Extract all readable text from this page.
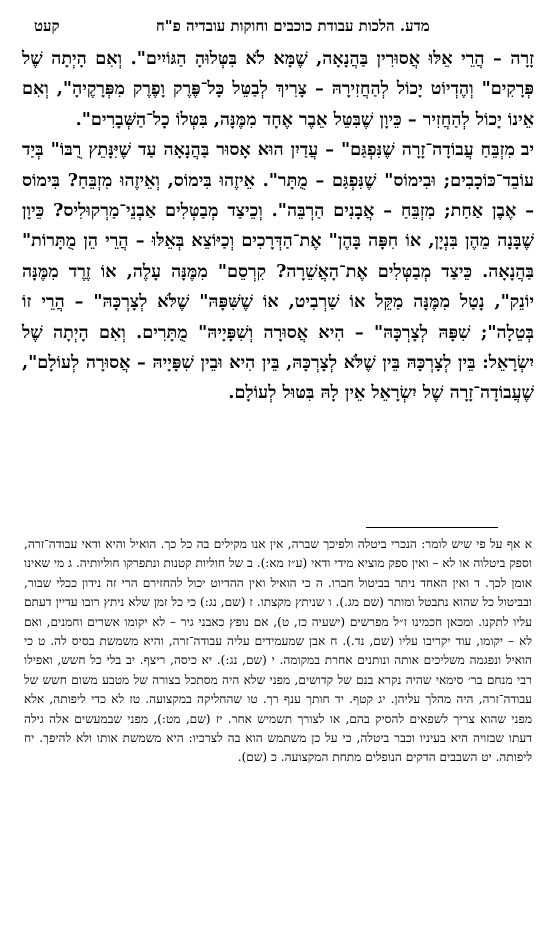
מדע. הלכות עבודת כוכבים וחוקות עובדיה פ"ח
קעט

זָרָה – הֲרֵי אֵלּוּ אֲסוּרִין בַּהֲנָאָה, שֶׁמָּא לֹא בִּטְּלוּהָ הַגּוֹיִים". וְאִם הָיְתָה שֶׁל פְּרָקִים" וְהֶדְיוֹט יָכוֹל לְהַחֲזִירָהּ – צָרִיךְ לְבַטֵּל כָּל־פֶּרֶק וָפֶרֶק מִפְּרָקֶיהָ", וְאִם אֵינוֹ יָכוֹל לְהַחֲזִיר – כֵּיוָן שֶׁבִּטֵּל אֵבֶר אֶחָד מִמֶּנָּה, בִּטְּלוֹ כָל־הַשְּׁבָרִים".

יבמִזְבֵּחַ עֲבוֹדָה־זָרָה שֶׁנִּפְגַּם" – עֲדַיִן הוּא אָסוּר בַּהֲנָאָה עַד שֶׁיִּנָּתֵץ רֻבּוֹ" בְּיַד עוֹבֵד־כּוֹכָבִים; וּבִימוֹס" שֶׁנִּפְגַּם – מֻתָּר". אֵיזֶהוּ בִּימוֹס, וְאֵיזֶהוּ מִזְבֵּחַ? בִּימוֹס – אֶבֶן אַחַת; מִזְבֵּחַ – אֲבָנִים הַרְבֵּה". וְכֵיצַד מְבַטְּלִים אַבְנֵי־מַרְקוּלִיס? כֵּיוָן שֶׁבָּנָה מֵהֶן בִּנְיָן, אוֹ חִפָּה בָּהֶן" אֶת־הַדְּרָכִים וְכַיּוֹצֵא בְּאֵלּוּ – הֲרֵי הֵן מֻתָּרוֹת" בַּהֲנָאָה. כֵּיצַד מְבַטְּלִים אֶת־הָאֲשֵׁרָה? קִרְסֵם" מִמֶּנָּה עָלֶה, אוֹ זֶרֶד מִמֶּנָּה יוֹנֵק", נָטַל מִמֶּנָּה מַקֵּל אוֹ שַׁרְבִיט, אוֹ שֶׁשִּׁפָּהּ" שֶׁלֹּא לְצָרְכָּהּ" – הֲרֵי זוֹ בְּטֵלָה"; שִׁפָּהּ לְצָרְכָּהּ" – הִיא אֲסוּרָה וְשִׁפָּיָיהּ" מֻתָּרִים. וְאִם הָיְתָה שֶׁל יִשְׂרָאֵל: בֵּין לְצָרְכָּהּ בֵּין שֶׁלֹּא לְצָרְכָּהּ, בֵּין הִיא וּבֵין שִׁפָּיָיהּ – אֲסוּרָה לְעוֹלָם", שֶׁעֲבוֹדָה־זָרָה שֶׁל יִשְׂרָאֵל אֵין לָהּ בִּטּוּל לְעוֹלָם.

א אף על פי שיש לומר: הנכרי ביטלה ולפיכך שברה, אין אנו מקילים בה כל כך. הואיל והיא ודאי עבודה־זרה, וספק ביטלוה או לא – ואין ספק מוציא מידי ודאי (ע״ז מא:). ב של חוליות קטנות ונתפרקו חוליותיה. ג מי שאינו אומן לכך. ד ואין האחד ניתר בביטול חברו. ה כי הואיל ואין ההדיוט יכול להחזירם הרי זה נידון ככלי שבור, ובביטול כל שהוא נתבטל ומותר (שם מג.). ו שניתץ מקצתו. ז (שם, נג:) כי כל זמן שלא ניתץ רובו עדיין דעתם עליו לתקנו. ומכאן חכמינו ז״ל מפרשים (ישעיה כז, ט), אם נופץ כאבני גיר – לא יקומו אשרים וחמנים, ואם לא – יקומו, עוד יקריבו עליו (שם, נד.). ח אבן שמעמידים עליה עבודה־זרה, והיא משמשת בסיס לה. ט כי הואיל ונפגמה משליכים אותה ונותנים אחרת במקומה. י (שם, נג:). יא כיסה, ריצף. יב בלי כל חשש, ואפילו רבי מנחם בר׳ סימאי שהיה נקרא בנם של קדושים, מפני שלא היה מסתכל בצורה של מטבע משום חשש של עבודה־זרה, היה מהלך עליהן. יג קטף. יד חותך ענף רך. טו שהחליקה במקצועה. טז לא כדי ליפותה, אלא מפני שהוא צריך לשפאים להסיק בהם, או לצורך תשמיש אחר. יז (שם, מט:), מפני שבמעשים אלה גילה דעתו שבזויה היא בעיניו וכבר ביטלה, כי על כן משתמש הוא בה לצרכיו: היא משמשת אותו ולא להיפך. יח ליפותה. יט השבבים הדקים הנופלים מתחת המקצועה. כ (שם).
